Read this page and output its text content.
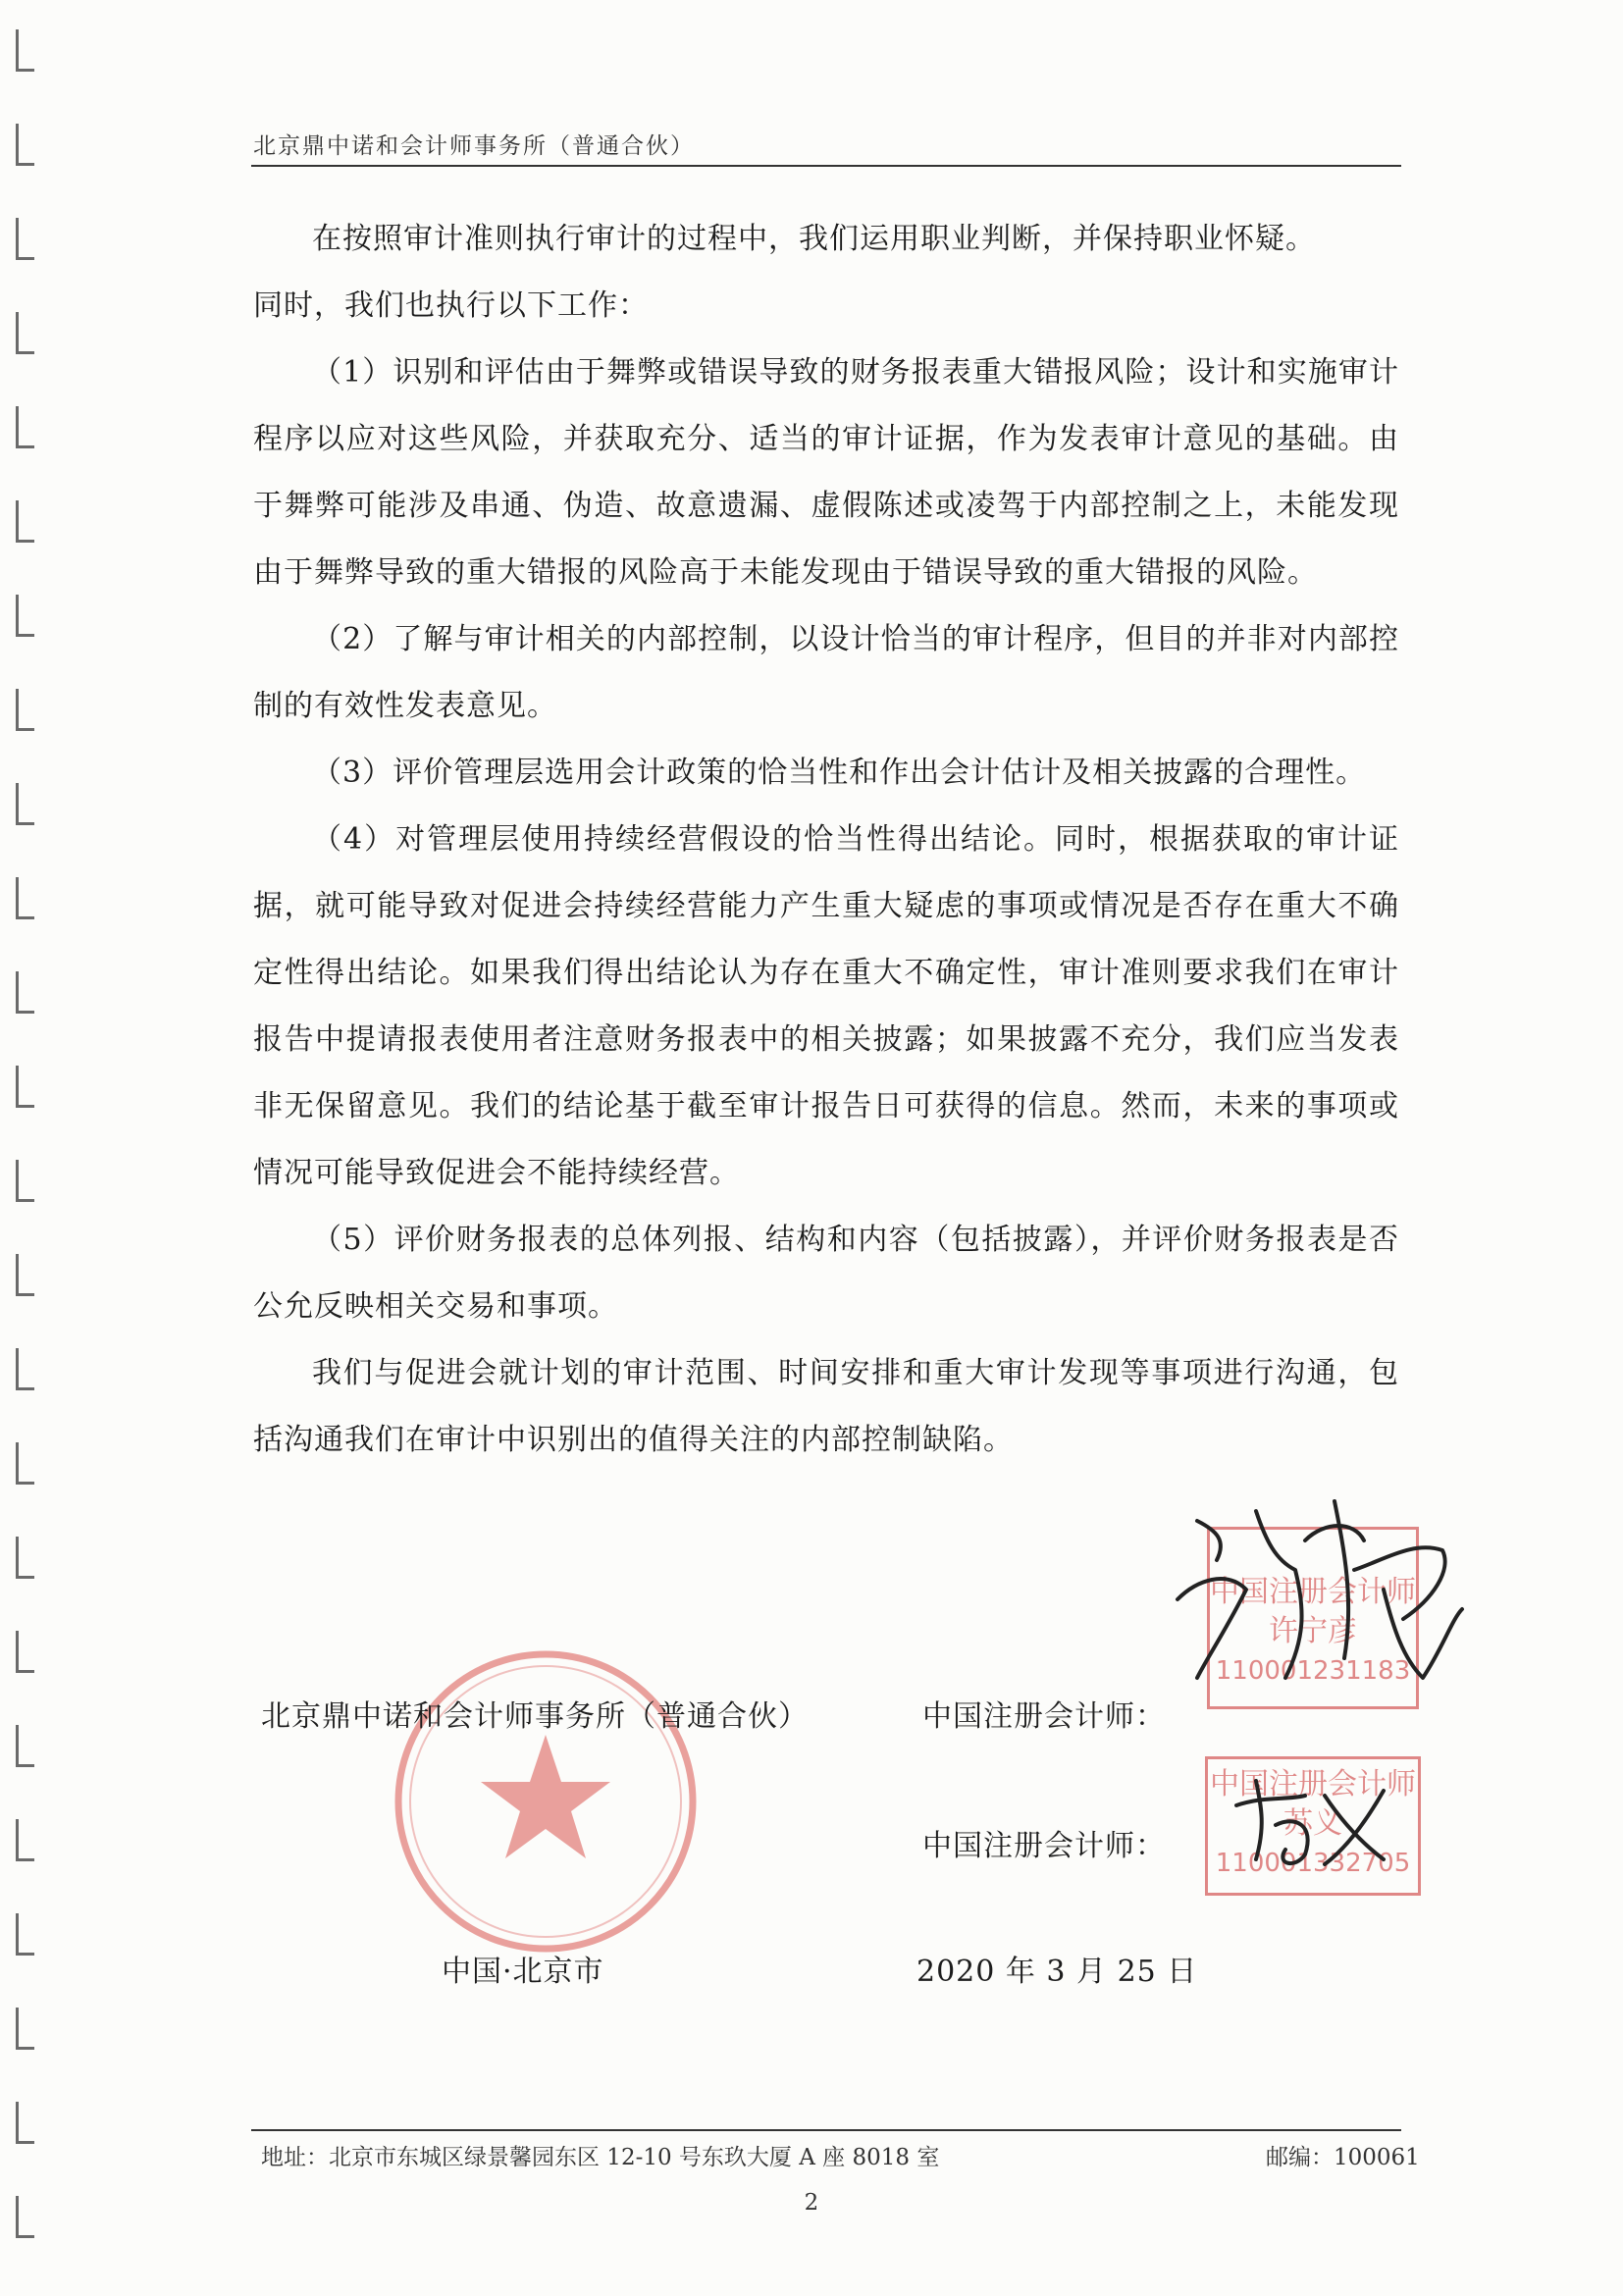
北京鼎中诺和会计师事务所（普通合伙）

在按照审计准则执行审计的过程中，我们运用职业判断，并保持职业怀疑。

同时，我们也执行以下工作：

（1）识别和评估由于舞弊或错误导致的财务报表重大错报风险；设计和实施审计程序以应对这些风险，并获取充分、适当的审计证据，作为发表审计意见的基础。由于舞弊可能涉及串通、伪造、故意遗漏、虚假陈述或凌驾于内部控制之上，未能发现由于舞弊导致的重大错报的风险高于未能发现由于错误导致的重大错报的风险。

（2）了解与审计相关的内部控制，以设计恰当的审计程序，但目的并非对内部控制的有效性发表意见。

（3）评价管理层选用会计政策的恰当性和作出会计估计及相关披露的合理性。

（4）对管理层使用持续经营假设的恰当性得出结论。同时，根据获取的审计证据，就可能导致对促进会持续经营能力产生重大疑虑的事项或情况是否存在重大不确定性得出结论。如果我们得出结论认为存在重大不确定性，审计准则要求我们在审计报告中提请报表使用者注意财务报表中的相关披露；如果披露不充分，我们应当发表非无保留意见。我们的结论基于截至审计报告日可获得的信息。然而，未来的事项或情况可能导致促进会不能持续经营。

（5）评价财务报表的总体列报、结构和内容（包括披露），并评价财务报表是否公允反映相关交易和事项。

我们与促进会就计划的审计范围、时间安排和重大审计发现等事项进行沟通，包括沟通我们在审计中识别出的值得关注的内部控制缺陷。

北京鼎中诺和会计师事务所（普通合伙）	中国注册会计师：
中国注册会计师：
中国·北京市	2020 年 3 月 25 日
中国注册会计师
许宁彦
110001231183
中国注册会计师
苏义
110001332705
地址：北京市东城区绿景馨园东区 12-10 号东玖大厦 A 座 8018 室	邮编：100061
2
